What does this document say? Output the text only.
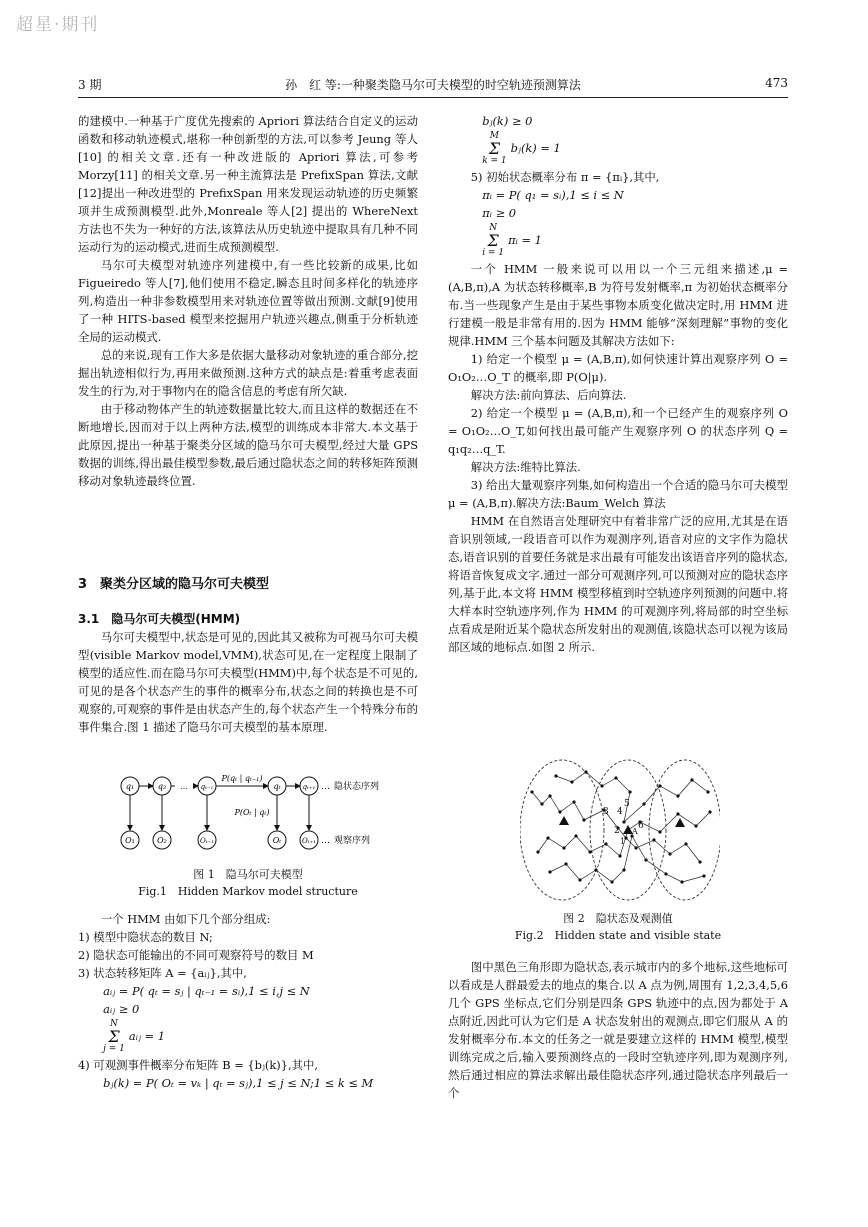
超星·期刊
3 期	孙　红 等:一种聚类隐马尔可夫模型的时空轨迹预测算法	473

的建模中.一种基于广度优先搜索的 Apriori 算法结合自定义的运动函数和移动轨迹模式,堪称一种创新型的方法,可以参考 Jeung 等人[10] 的相关文章.还有一种改进版的 Apriori 算法,可参考 Morzy[11] 的相关文章.另一种主流算法是 PrefixSpan 算法,文献[12]提出一种改进型的 PrefixSpan 用来发现运动轨迹的历史频繁项并生成预测模型.此外,Monreale 等人[2] 提出的 WhereNext 方法也不失为一种好的方法,该算法从历史轨迹中提取具有几种不同运动行为的运动模式,进而生成预测模型.

马尔可夫模型对轨迹序列建模中,有一些比较新的成果,比如 Figueiredo 等人[7],他们使用不稳定,瞬态且时间多样化的轨迹序列,构造出一种非参数模型用来对轨迹位置等做出预测.文献[9]使用了一种 HITS-based 模型来挖掘用户轨迹兴趣点,侧重于分析轨迹全局的运动模式.

总的来说,现有工作大多是依据大量移动对象轨迹的重合部分,挖掘出轨迹相似行为,再用来做预测.这种方式的缺点是:着重考虑表面发生的行为,对于事物内在的隐含信息的考虑有所欠缺.

由于移动物体产生的轨迹数据量比较大,而且这样的数据还在不断地增长,因而对于以上两种方法,模型的训练成本非常大.本文基于此原因,提出一种基于聚类分区域的隐马尔可夫模型,经过大量 GPS 数据的训练,得出最佳模型参数,最后通过隐状态之间的转移矩阵预测移动对象轨迹最终位置.

3　聚类分区域的隐马尔可夫模型

3.1　隐马尔可夫模型(HMM)

马尔可夫模型中,状态是可见的,因此其又被称为可视马尔可夫模型(visible Markov model,VMM),状态可见,在一定程度上限制了模型的适应性.而在隐马尔可夫模型(HMM)中,每个状态是不可见的,可见的是各个状态产生的事件的概率分布,状态之间的转换也是不可观察的,可观察的事件是由状态产生的,每个状态产生一个特殊分布的事件集合.图 1 描述了隐马尔可夫模型的基本原理.

q₁	q₂ … qₜ₋₁	qₜ	qₜ₊₁
P(qₜ | qₜ₋₁)
P(Oₜ | qₜ)
O₁	O₂	Oₜ₋₁	Oₜ	Oₜ₊₁
… 隐状态序列
… 观察序列

图 1　隐马尔可夫模型

Fig.1　Hidden Markov model structure

一个 HMM 由如下几个部分组成:

1) 模型中隐状态的数目 N;

2) 隐状态可能输出的不同可观察符号的数目 M

3) 状态转移矩阵 A = {aᵢⱼ},其中,

aᵢⱼ = P( qₜ = sⱼ | qₜ₋₁ = sᵢ),1 ≤ i,j ≤ N

aᵢⱼ ≥ 0

N
Σ
j = 1aᵢⱼ = 1

4) 可观测事件概率分布矩阵 B = {bⱼ(k)},其中,

bⱼ(k) = P( Oₜ = vₖ | qₜ = sⱼ),1 ≤ j ≤ N;1 ≤ k ≤ M

bⱼ(k) ≥ 0

M
Σ
k = 1bⱼ(k) = 1

5) 初始状态概率分布 π = {πᵢ},其中,

πᵢ = P( q₁ = sᵢ),1 ≤ i ≤ N

πᵢ ≥ 0

N
Σ
i = 1πᵢ = 1

一个 HMM 一般来说可以用以一个三元组来描述,μ = (A,B,π),A 为状态转移概率,B 为符号发射概率,π 为初始状态概率分布.当一些现象产生是由于某些事物本质变化做决定时,用 HMM 进行建模一般是非常有用的.因为 HMM 能够“深刻理解”事物的变化规律.HMM 三个基本问题及其解决方法如下:

1) 给定一个模型 μ = (A,B,π),如何快速计算出观察序列 O = O₁O₂…O_T 的概率,即 P(O|μ).

解决方法:前向算法、后向算法.

2) 给定一个模型 μ = (A,B,π),和一个已经产生的观察序列 O = O₁O₂…O_T,如何找出最可能产生观察序列 O 的状态序列 Q = q₁q₂…q_T.

解决方法:维特比算法.

3) 给出大量观察序列集,如何构造出一个合适的隐马尔可夫模型 μ = (A,B,π).解决方法:Baum_Welch 算法

HMM 在自然语言处理研究中有着非常广泛的应用,尤其是在语音识别领域,一段语音可以作为观测序列,语音对应的文字作为隐状态,语音识别的首要任务就是求出最有可能发出该语音序列的隐状态,将语音恢复成文字.通过一部分可观测序列,可以预测对应的隐状态序列,基于此,本文将 HMM 模型移植到时空轨迹序列预测的问题中.将大样本时空轨迹序列,作为 HMM 的可观测序列,将局部的时空坐标点看成是附近某个隐状态所发射出的观测值,该隐状态可以视为该局部区域的地标点.如图 2 所示.

3 4
5
2 A
6
1

图 2　隐状态及观测值

Fig.2　Hidden state and visible state

图中黑色三角形即为隐状态,表示城市内的多个地标,这些地标可以看成是人群最爱去的地点的集合.以 A 点为例,周围有 1,2,3,4,5,6 几个 GPS 坐标点,它们分别是四条 GPS 轨迹中的点,因为都处于 A 点附近,因此可认为它们是 A 状态发射出的观测点,即它们服从 A 的发射概率分布.本文的任务之一就是要建立这样的 HMM 模型,模型训练完成之后,输入要预测终点的一段时空轨迹序列,即为观测序列,然后通过相应的算法求解出最佳隐状态序列,通过隐状态序列最后一个
